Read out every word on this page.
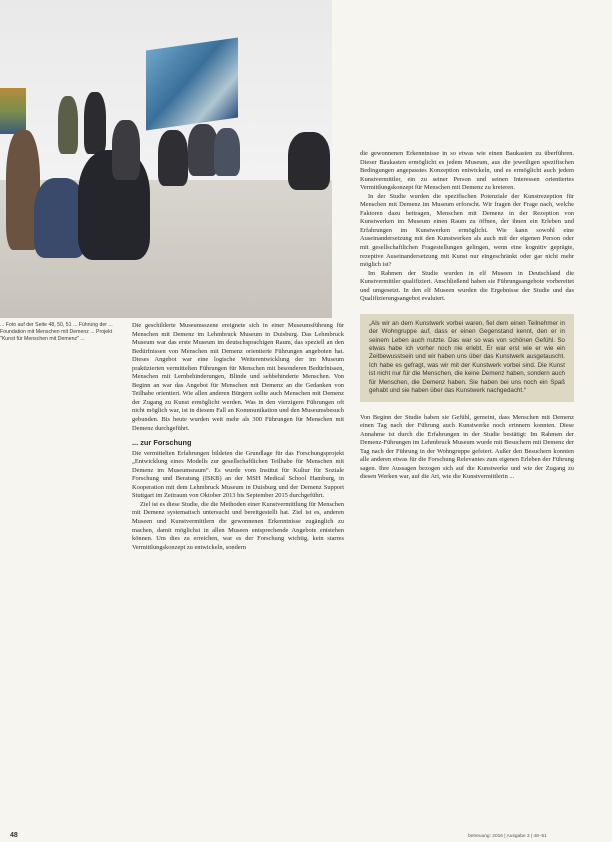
... Foto auf der Seite 48, 50, 51 ... Führung der ... Foundation mit Menschen mit Demenz ... Projekt "Kunst für Menschen mit Demenz" ...

Die geschilderte Museumsszene ereignete sich in einer Museumsführung für Menschen mit Demenz im Lehmbruck Museum in Duisburg. Das Lehmbruck Museum war das erste Museum im deutschsprachigen Raum, das speziell an den Bedürfnissen von Menschen mit Demenz orientierte Führungen angeboten hat. Dieses Angebot war eine logische Weiterentwicklung der im Museum praktizierten vermittelten Führungen für Menschen mit besonderen Bedürfnissen, Menschen mit Lernbehinderungen, Blinde und sehbehinderte Menschen. Von Beginn an war das Angebot für Menschen mit Demenz an die Gedanken von Teilhabe orientiert. Wie allen anderen Bürgern sollte auch Menschen mit Demenz der Zugang zu Kunst ermöglicht werden. Was in den vierzigern Führungen oft nicht möglich war, ist in diesem Fall an Kommunikation und den Museumsbesuch gebunden. Bis heute wurden weit mehr als 300 Führungen für Menschen mit Demenz durchgeführt.

... zur Forschung

Die vermittelten Erfahrungen bildeten die Grundlage für das Forschungsprojekt „Entwicklung eines Modells zur gesellschaftlichen Teilhabe für Menschen mit Demenz im Museumsraum“. Es wurde vom Institut für Kultur für Soziale Forschung und Beratung (ISKB) an der MSH Medical School Hamburg, in Kooperation mit dem Lehmbruck Museum in Duisburg und der Demenz Support Stuttgart im Zeitraum von Oktober 2013 bis September 2015 durchgeführt.

Ziel ist es diese Studie, die die Methoden einer Kunstvermittlung für Menschen mit Demenz systematisch untersucht und bereitgestellt hat. Ziel ist es, anderen Museen und Kunstvermittlern die gewonnenen Erkenntnisse zugänglich zu machen, damit möglichst in allen Museen entsprechende Angebote entstehen können. Um dies zu erreichen, war es der Forschung wichtig, kein starres Vermittlungskonzept zu entwickeln, sondern

die gewonnenen Erkenntnisse in so etwas wie einen Baukasten zu überführen. Dieser Baukasten ermöglicht es jedem Museum, aus die jeweiligen spezifischen Bedingungen angepasstes Konzeption entwickeln, und es ermöglicht auch jedem Kunstvermittler, ein zu seiner Person und seinen Interessen orientiertes Vermittlungskonzept für Menschen mit Demenz zu kreieren.

In der Studie wurden die spezifischen Potenziale der Kunstrezeption für Menschen mit Demenz im Museum erforscht. Wir fragen der Frage nach, welche Faktoren dazu beitragen, Menschen mit Demenz in der Rezeption von Kunstwerken im Museum einen Raum zu öffnen, der ihnen ein Erleben und Erfahrungen im Kunstwerken ermöglicht. Wie kann sowohl eine Auseinandersetzung mit den Kunstwerken als auch mit der eigenen Person oder mit gesellschaftlichen Fragestellungen gelingen, wenn eine kognitiv geprägte, rezeptive Auseinandersetzung mit Kunst nur eingeschränkt oder gar nicht mehr möglich ist?

Im Rahmen der Studie wurden in elf Museen in Deutschland die Kunstvermittler qualifiziert. Anschließend haben sie Führungsangebote vorbereitet und umgesetzt. In den elf Museen wurden die Ergebnisse der Studie und das Qualifizierungsangebot evaluiert.

„Als wir an dem Kunstwerk vorbei waren, fiel dem einen Teilnehmer in der Wohngruppe auf, dass er einen Gegenstand kennt, den er in seinem Leben auch nutzte. Das war so was von schönen Gefühl. So etwas habe ich vorher noch nie erlebt. Er war erst wie er wie ein Zeitbewusstsein und wir haben uns über das Kunstwerk ausgetauscht. Ich habe es gefragt, was wir mit der Kunstwerk vorbei sind. Die Kunst ist nicht nur für die Menschen, die keine Demenz haben, sondern auch für Menschen, die Demenz haben. Sie haben bei uns noch ein Spaß gehabt und sie haben über das Kunstwerk nachgedacht.“

Von Beginn der Studie haben sie Gefühl, gemeint, dass Menschen mit Demenz einen Tag nach der Führung auch Kunstwerke noch erinnern konnten. Diese Annahme ist durch die Erfahrungen in der Studie bestätigt: Im Rahmen der Demenz-Führungen im Lehmbruck Museum wurde mit Besuchern mit Demenz der Tag nach der Führung in der Wohngruppe gefeiert. Außer den Besuchern konnten alle anderen etwas für die Forschung Relevantes zum eigenen Erleben der Führung sagen. Ihre Aussagen bezogen sich auf die Kunstwerke und wie der Zugang zu diesen Werken war, auf die Art, wie die Kunstvermittlerin ...

48	betreuung: 2016 | Ausgabe 3 | 48–51
